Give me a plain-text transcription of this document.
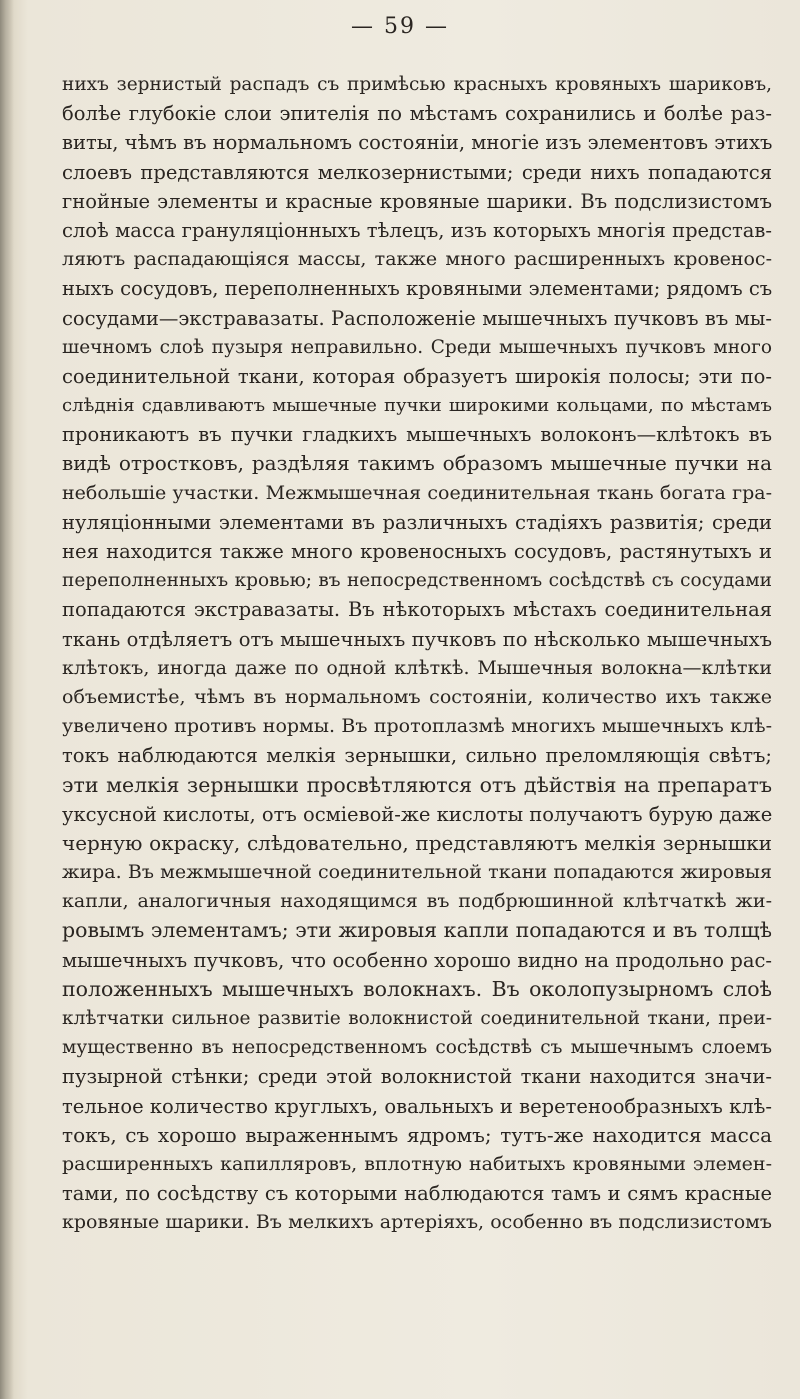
— 59 —
нихъ зернистый распадъ съ примѣсью красныхъ кровяныхъ шариковъ,
болѣе глубокіе слои эпителія по мѣстамъ сохранились и болѣе раз-
виты, чѣмъ въ нормальномъ состояніи, многіе изъ элементовъ этихъ
слоевъ представляются мелкозернистыми; среди нихъ попадаются
гнойные элементы и красные кровяные шарики. Въ подслизистомъ
слоѣ масса грануляціонныхъ тѣлецъ, изъ которыхъ многія представ-
ляютъ распадающіяся массы, также много расширенныхъ кровенос-
ныхъ сосудовъ, переполненныхъ кровяными элементами; рядомъ съ
сосудами—экстравазаты. Расположеніе мышечныхъ пучковъ въ мы-
шечномъ слоѣ пузыря неправильно. Среди мышечныхъ пучковъ много
соединительной ткани, которая образуетъ широкія полосы; эти по-
слѣднія сдавливаютъ мышечные пучки широкими кольцами, по мѣстамъ
проникаютъ въ пучки гладкихъ мышечныхъ волоконъ—клѣтокъ въ
видѣ отростковъ, раздѣляя такимъ образомъ мышечные пучки на
небольшіе участки. Межмышечная соединительная ткань богата гра-
нуляціонными элементами въ различныхъ стадіяхъ развитія; среди
нея находится также много кровеносныхъ сосудовъ, растянутыхъ и
переполненныхъ кровью; въ непосредственномъ сосѣдствѣ съ сосудами
попадаются экстравазаты. Въ нѣкоторыхъ мѣстахъ соединительная
ткань отдѣляетъ отъ мышечныхъ пучковъ по нѣсколько мышечныхъ
клѣтокъ, иногда даже по одной клѣткѣ. Мышечныя волокна—клѣтки
объемистѣе, чѣмъ въ нормальномъ состояніи, количество ихъ также
увеличено противъ нормы. Въ протоплазмѣ многихъ мышечныхъ клѣ-
токъ наблюдаются мелкія зернышки, сильно преломляющія свѣтъ;
эти мелкія зернышки просвѣтляются отъ дѣйствія на препаратъ
уксусной кислоты, отъ осміевой-же кислоты получаютъ бурую даже
черную окраску, слѣдовательно, представляютъ мелкія зернышки
жира. Въ межмышечной соединительной ткани попадаются жировыя
капли, аналогичныя находящимся въ подбрюшинной клѣтчаткѣ жи-
ровымъ элементамъ; эти жировыя капли попадаются и въ толщѣ
мышечныхъ пучковъ, что особенно хорошо видно на продольно рас-
положенныхъ мышечныхъ волокнахъ. Въ околопузырномъ слоѣ
клѣтчатки сильное развитіе волокнистой соединительной ткани, преи-
мущественно въ непосредственномъ сосѣдствѣ съ мышечнымъ слоемъ
пузырной стѣнки; среди этой волокнистой ткани находится значи-
тельное количество круглыхъ, овальныхъ и веретенообразныхъ клѣ-
токъ, съ хорошо выраженнымъ ядромъ; тутъ-же находится масса
расширенныхъ капилляровъ, вплотную набитыхъ кровяными элемен-
тами, по сосѣдству съ которыми наблюдаются тамъ и сямъ красные
кровяные шарики. Въ мелкихъ артеріяхъ, особенно въ подслизистомъ
